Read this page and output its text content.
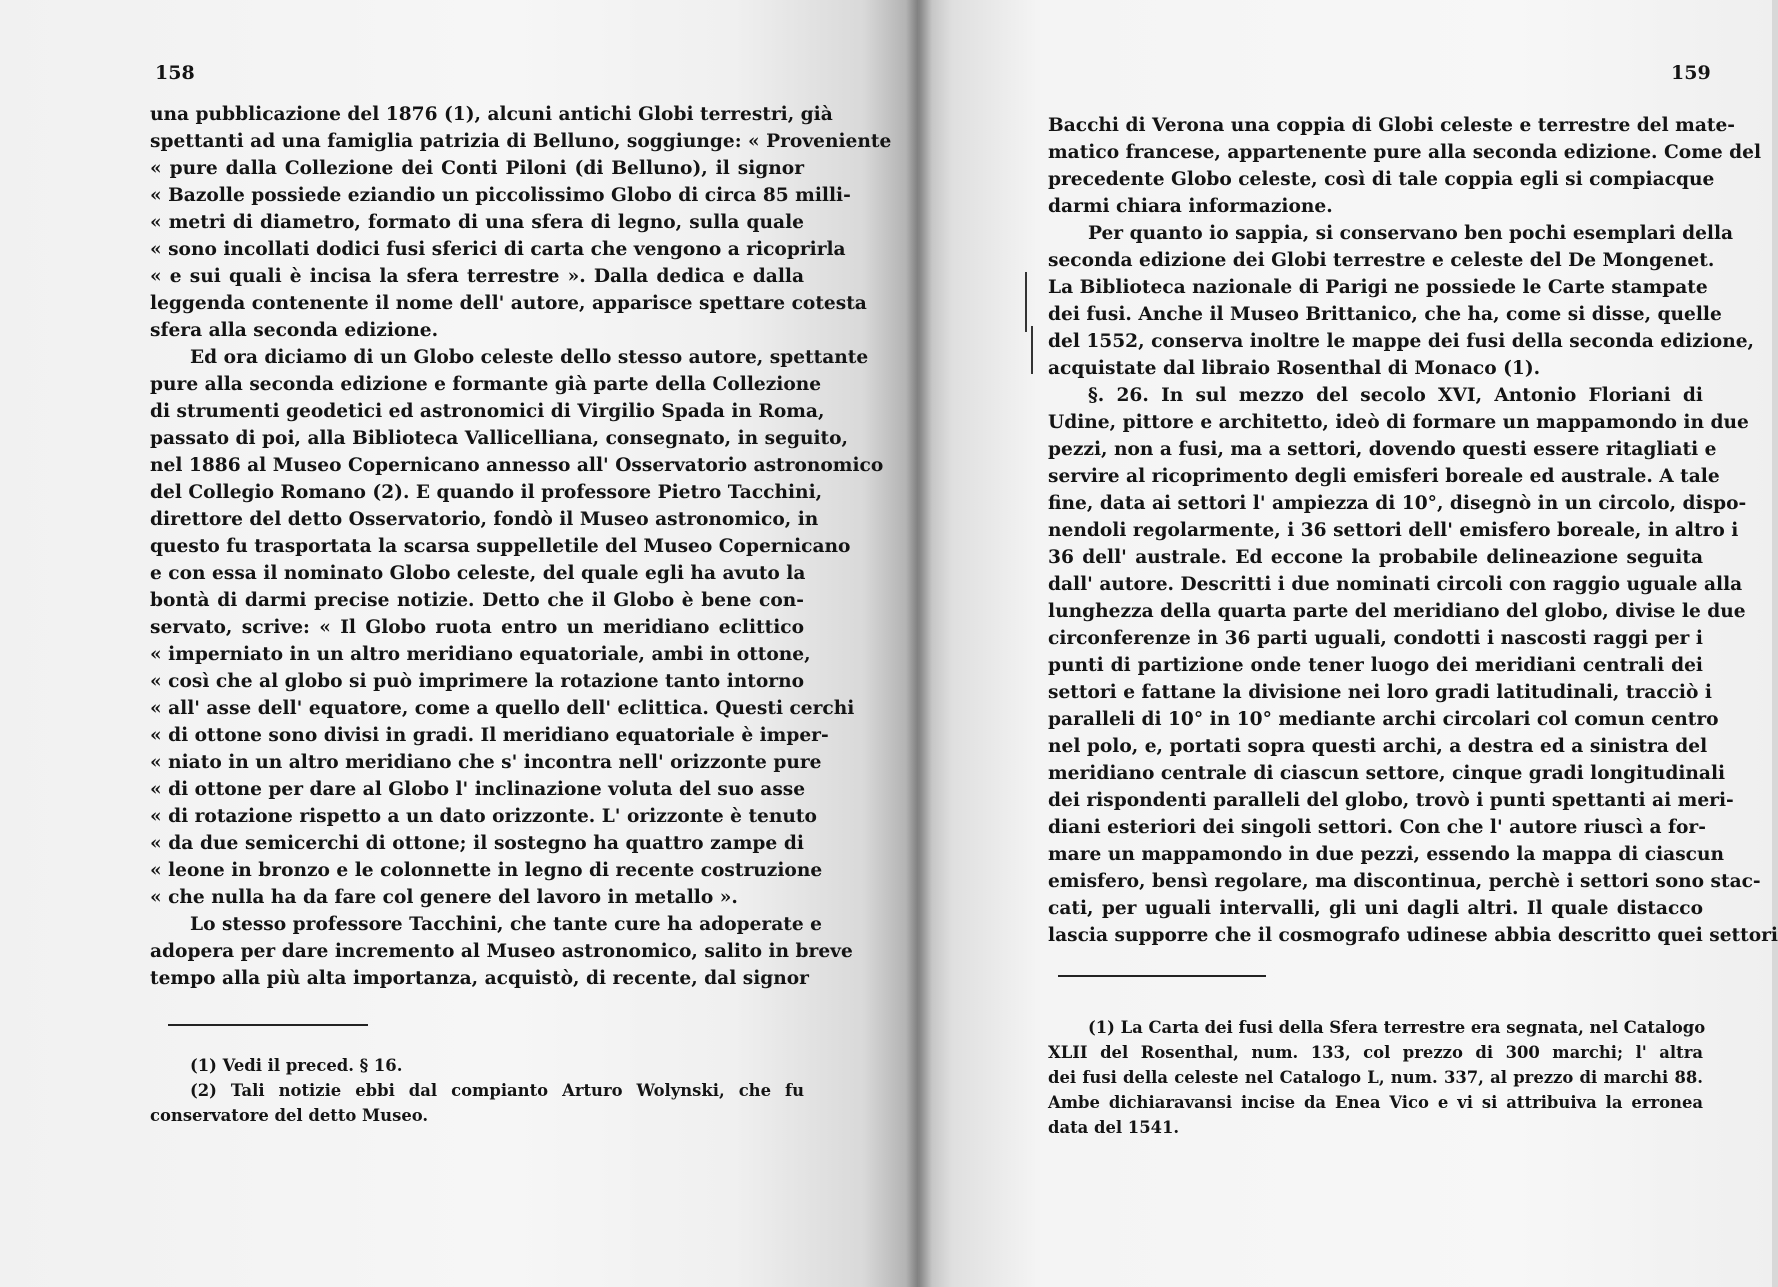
158
una pubblicazione del 1876 (1), alcuni antichi Globi terrestri, già
spettanti ad una famiglia patrizia di Belluno, soggiunge: « Proveniente
« pure dalla Collezione dei Conti Piloni (di Belluno), il signor
« Bazolle possiede eziandio un piccolissimo Globo di circa 85 milli-
« metri di diametro, formato di una sfera di legno, sulla quale
« sono incollati dodici fusi sferici di carta che vengono a ricoprirla
« e sui quali è incisa la sfera terrestre ». Dalla dedica e dalla
leggenda contenente il nome dell' autore, apparisce spettare cotesta
sfera alla seconda edizione.
Ed ora diciamo di un Globo celeste dello stesso autore, spettante
pure alla seconda edizione e formante già parte della Collezione
di strumenti geodetici ed astronomici di Virgilio Spada in Roma,
passato di poi, alla Biblioteca Vallicelliana, consegnato, in seguito,
nel 1886 al Museo Copernicano annesso all' Osservatorio astronomico
del Collegio Romano (2). E quando il professore Pietro Tacchini,
direttore del detto Osservatorio, fondò il Museo astronomico, in
questo fu trasportata la scarsa suppelletile del Museo Copernicano
e con essa il nominato Globo celeste, del quale egli ha avuto la
bontà di darmi precise notizie. Detto che il Globo è bene con-
servato, scrive: « Il Globo ruota entro un meridiano eclittico
« imperniato in un altro meridiano equatoriale, ambi in ottone,
« così che al globo si può imprimere la rotazione tanto intorno
« all' asse dell' equatore, come a quello dell' eclittica. Questi cerchi
« di ottone sono divisi in gradi. Il meridiano equatoriale è imper-
« niato in un altro meridiano che s' incontra nell' orizzonte pure
« di ottone per dare al Globo l' inclinazione voluta del suo asse
« di rotazione rispetto a un dato orizzonte. L' orizzonte è tenuto
« da due semicerchi di ottone; il sostegno ha quattro zampe di
« leone in bronzo e le colonnette in legno di recente costruzione
« che nulla ha da fare col genere del lavoro in metallo ».
Lo stesso professore Tacchini, che tante cure ha adoperate e
adopera per dare incremento al Museo astronomico, salito in breve
tempo alla più alta importanza, acquistò, di recente, dal signor
(1) Vedi il preced. § 16.
(2) Tali notizie ebbi dal compianto Arturo Wolynski, che fu
conservatore del detto Museo.
159
Bacchi di Verona una coppia di Globi celeste e terrestre del mate-
matico francese, appartenente pure alla seconda edizione. Come del
precedente Globo celeste, così di tale coppia egli si compiacque
darmi chiara informazione.
Per quanto io sappia, si conservano ben pochi esemplari della
seconda edizione dei Globi terrestre e celeste del De Mongenet.
La Biblioteca nazionale di Parigi ne possiede le Carte stampate
dei fusi. Anche il Museo Brittanico, che ha, come si disse, quelle
del 1552, conserva inoltre le mappe dei fusi della seconda edizione,
acquistate dal libraio Rosenthal di Monaco (1).
§. 26. In sul mezzo del secolo XVI, Antonio Floriani di
Udine, pittore e architetto, ideò di formare un mappamondo in due
pezzi, non a fusi, ma a settori, dovendo questi essere ritagliati e
servire al ricoprimento degli emisferi boreale ed australe. A tale
fine, data ai settori l' ampiezza di 10°, disegnò in un circolo, dispo-
nendoli regolarmente, i 36 settori dell' emisfero boreale, in altro i
36 dell' australe. Ed eccone la probabile delineazione seguita
dall' autore. Descritti i due nominati circoli con raggio uguale alla
lunghezza della quarta parte del meridiano del globo, divise le due
circonferenze in 36 parti uguali, condotti i nascosti raggi per i
punti di partizione onde tener luogo dei meridiani centrali dei
settori e fattane la divisione nei loro gradi latitudinali, tracciò i
paralleli di 10° in 10° mediante archi circolari col comun centro
nel polo, e, portati sopra questi archi, a destra ed a sinistra del
meridiano centrale di ciascun settore, cinque gradi longitudinali
dei rispondenti paralleli del globo, trovò i punti spettanti ai meri-
diani esteriori dei singoli settori. Con che l' autore riuscì a for-
mare un mappamondo in due pezzi, essendo la mappa di ciascun
emisfero, bensì regolare, ma discontinua, perchè i settori sono stac-
cati, per uguali intervalli, gli uni dagli altri. Il quale distacco
lascia supporre che il cosmografo udinese abbia descritto quei settori
(1) La Carta dei fusi della Sfera terrestre era segnata, nel Catalogo
XLII del Rosenthal, num. 133, col prezzo di 300 marchi; l' altra
dei fusi della celeste nel Catalogo L, num. 337, al prezzo di marchi 88.
Ambe dichiaravansi incise da Enea Vico e vi si attribuiva la erronea
data del 1541.
